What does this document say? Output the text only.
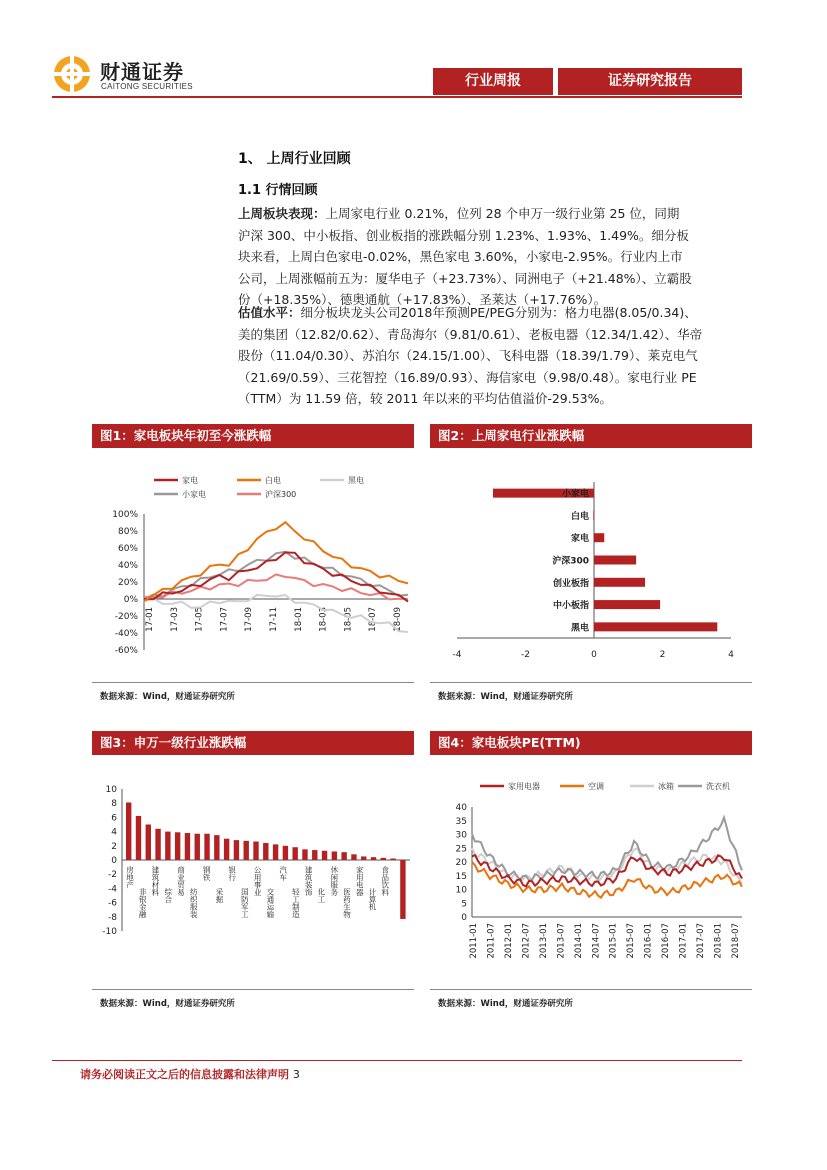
财通证券
CAITONG SECURITIES	行业周报	证券研究报告
1、 上周行业回顾
1.1 行情回顾
上周板块表现：上周家电行业 0.21%，位列 28 个申万一级行业第 25 位，同期
沪深 300、中小板指、创业板指的涨跌幅分别 1.23%、1.93%、1.49%。细分板
块来看，上周白色家电-0.02%，黑色家电 3.60%，小家电-2.95%。行业内上市
公司，上周涨幅前五为：厦华电子（+23.73%）、同洲电子（+21.48%）、立霸股
份（+18.35%）、德奥通航（+17.83%）、圣莱达（+17.76%）。
估值水平：细分板块龙头公司2018年预测PE/PEG分别为：格力电器(8.05/0.34)、
美的集团（12.82/0.62）、青岛海尔（9.81/0.61）、老板电器（12.34/1.42）、华帝
股份（11.04/0.30）、苏泊尔（24.15/1.00）、飞科电器（18.39/1.79）、莱克电气
（21.69/0.59）、三花智控（16.89/0.93）、海信家电（9.98/0.48）。家电行业 PE
（TTM）为 11.59 倍，较 2011 年以来的平均估值溢价-29.53%。
图1：家电板块年初至今涨跌幅	图2：上周家电行业涨跌幅
图3：申万一级行业涨跌幅	图4：家电板块PE(TTM)
家电	白电	黑电
小家电	沪深300
100%
80%
60%
40%
20%
0%
-20%
-40%
-60%
17-01 17-03 17-05 17-07 17-09 17-11 18-01 18-03 18-05 18-07 18-09
小家电
白电
家电
沪深300
创业板指
中小板指
黑电
-4	-2	0	2	4
10
8
6
4
2
0
-2
-4
-6
-8
-10
房地产
非银金融
建筑材料 综合 商业贸易
纺织服装
钢铁
采掘
银行
国防军工
公用事业
交通运输
汽车
轻工制造
建筑装饰 化工 休闲服务
医药生物
家用电器
计算机
食品饮料
家用电器	空调	冰箱	洗衣机
40
35
30
25
20
15
10
5
0
2011-01 2011-07 2012-01 2012-07 2013-01 2013-07 2014-01 2014-07 2015-01 2015-07 2016-01 2016-07 2017-01 2017-07 2018-01 2018-07
数据来源：Wind，财通证券研究所	数据来源：Wind，财通证券研究所
数据来源：Wind，财通证券研究所	数据来源：Wind，财通证券研究所
请务必阅读正文之后的信息披露和法律声明 3
